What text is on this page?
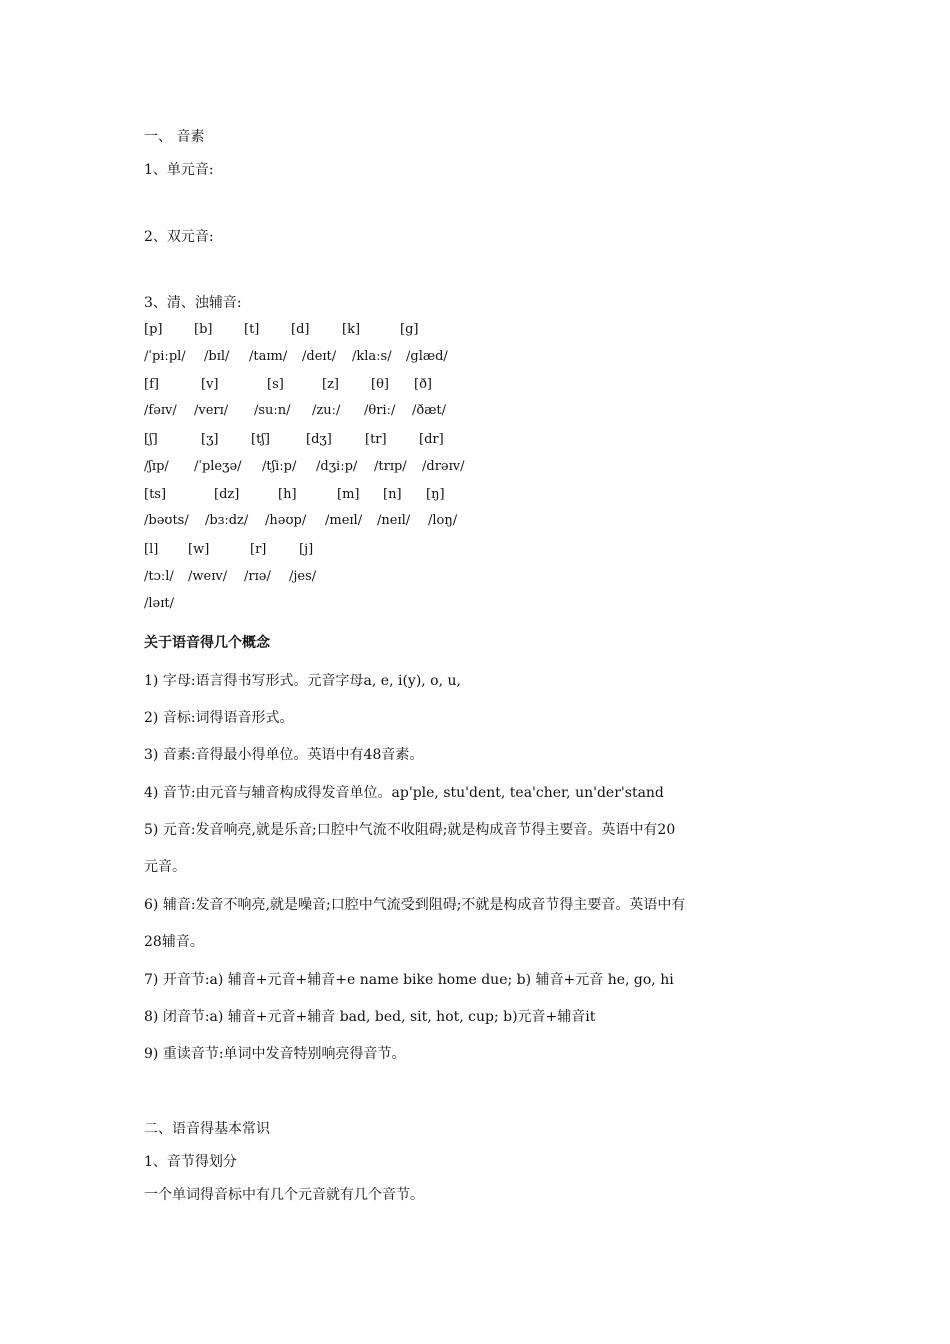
一、 音素
1、单元音:
2、双元音:
3、清、浊辅音:
[p] [b] [t] [d]	[k]	[g]
/ˈpiːpl/ /bɪl/ /taɪm/ /deɪt/ /klaːs/ /glæd/
[f]	[v]	[s]	[z] [θ] [ð]
/fəɪv/ /verɪ/ /suːn/ /zuː/ /θriː/ /ðæt/
[ʃ]	[ʒ]	[tʃ]	[dʒ]	[tr] [dr]
/ʃɪp/ /ˈpleʒə/ /tʃiːp/ /dʒiːp/ /trɪp/ /drəɪv/
[ts]	[dz]	[h]	[m] [n] [ŋ]
/bəʊts/ /bɜːdz/ /həʊp/ /meɪl/ /neɪl/ /loŋ/
[l] [w]	[r]	[j]
/tɔːl/ /weɪv/ /rɪə/ /jes/
/ləɪt/
关于语音得几个概念
1) 字母:语言得书写形式。元音字母a, e, i(y), o, u,
2) 音标:词得语音形式。
3) 音素:音得最小得单位。英语中有48音素。
4) 音节:由元音与辅音构成得发音单位。ap'ple, stu'dent, tea'cher, un'der'stand
5) 元音:发音响亮,就是乐音;口腔中气流不收阻碍;就是构成音节得主要音。英语中有20
元音。
6) 辅音:发音不响亮,就是噪音;口腔中气流受到阻碍;不就是构成音节得主要音。英语中有
28辅音。
7) 开音节:a) 辅音+元音+辅音+e name bike home due; b) 辅音+元音 he, go, hi
8) 闭音节:a) 辅音+元音+辅音 bad, bed, sit, hot, cup; b)元音+辅音it
9) 重读音节:单词中发音特别响亮得音节。
二、语音得基本常识
1、音节得划分
一个单词得音标中有几个元音就有几个音节。
